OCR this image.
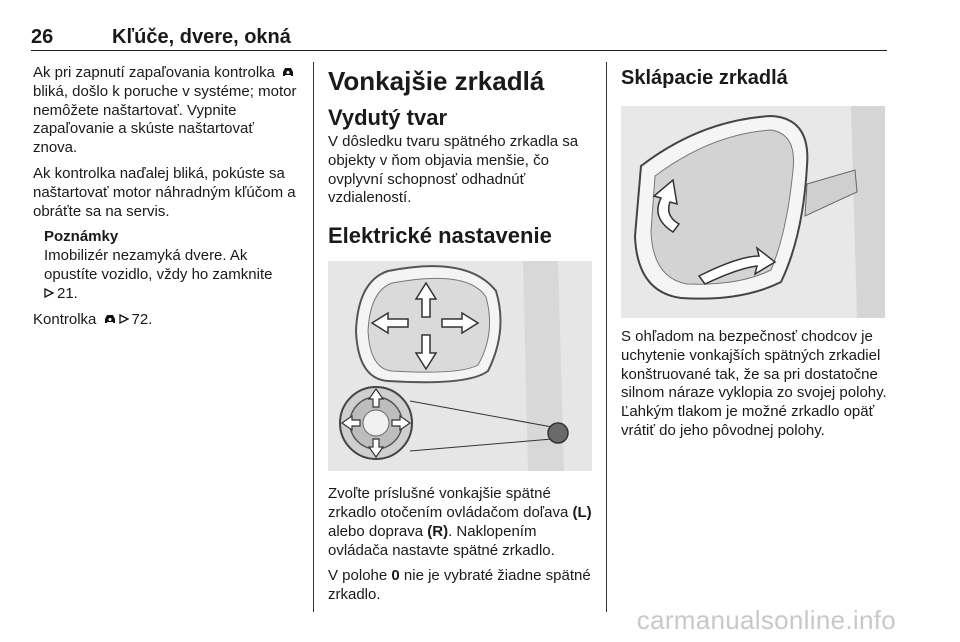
26	Kľúče, dvere, okná

Ak pri zapnutí zapaľovania kontrolka bliká, došlo k poruche v systéme; motor nemôžete naštartovať. Vypnite zapaľovanie a skúste naštartovať znova.

Ak kontrolka naďalej bliká, pokúste sa naštartovať motor náhradným kľúčom a obráťte sa na servis.

Poznámky

Imobilizér nezamyká dvere. Ak opustíte vozidlo, vždy ho zamknite
21.

Kontrolka 72.

Vonkajšie zrkadlá
Vydutý tvar

V dôsledku tvaru spätného zrkadla sa objekty v ňom objavia menšie, čo ovplyvní schopnosť odhadnúť vzdialeností.

Elektrické nastavenie

Zvoľte príslušné vonkajšie spätné zrkadlo otočením ovládačom doľava (L) alebo doprava (R). Naklopením ovládača nastavte spätné zrkadlo.

V polohe 0 nie je vybraté žiadne spätné zrkadlo.

Sklápacie zrkadlá

S ohľadom na bezpečnosť chodcov je uchytenie vonkajších spätných zrkadiel konštruované tak, že sa pri dostatočne silnom náraze vyklopia zo svojej polohy. Ľahkým tlakom je možné zrkadlo opäť vrátiť do jeho pôvodnej polohy.

carmanualsonline.info
